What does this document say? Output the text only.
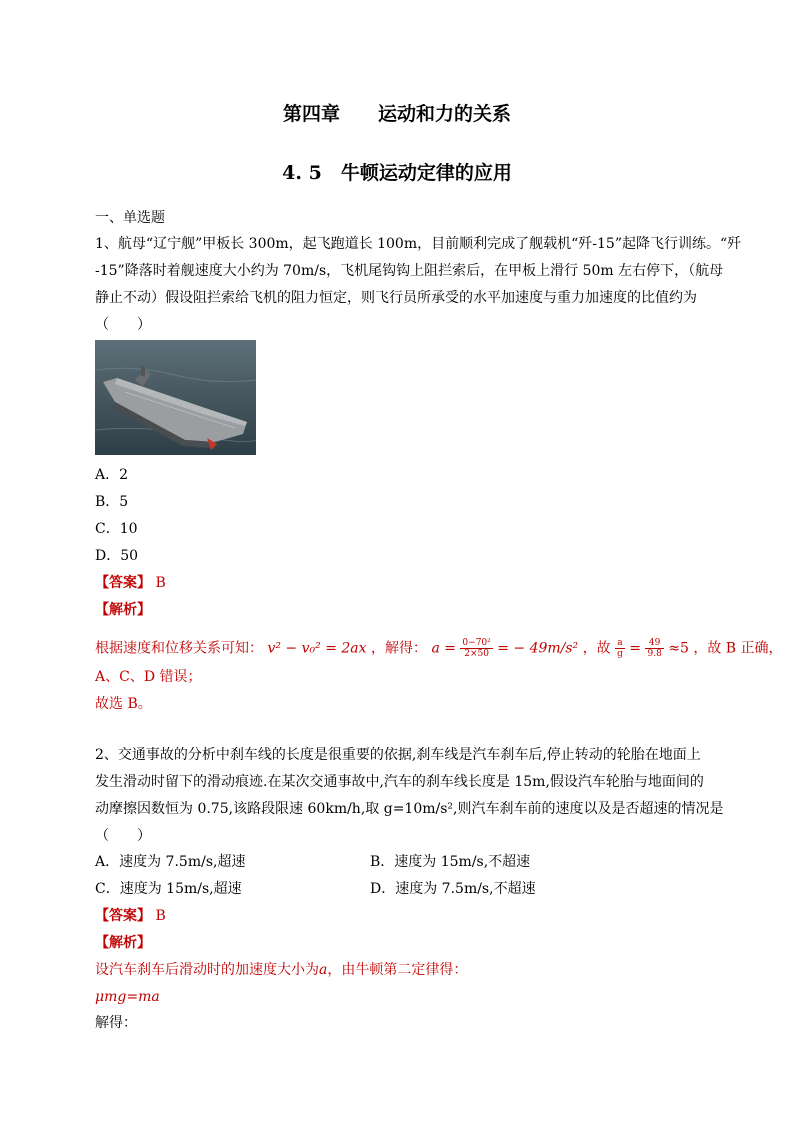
第四章　　运动和力的关系
4. 5　牛顿运动定律的应用
一、单选题
1、航母“辽宁舰”甲板长 300m，起飞跑道长 100m，目前顺利完成了舰载机“歼-15”起降飞行训练。“歼
-15”降落时着舰速度大小约为 70m/s，飞机尾钩钩上阻拦索后，在甲板上滑行 50m 左右停下，（航母
静止不动）假设阻拦索给飞机的阻力恒定，则飞行员所承受的水平加速度与重力加速度的比值约为
（　　）
A．2
B．5
C．10
D．50
【答案】 B
【解析】
根据速度和位移关系可知： v² − v₀² = 2ax ，解得： $a = \frac{\text{0−70²}}{2\times 50}$ = − 49m/s² ，故 $\frac{a}{g} = \frac{49}{9.8} \approx 5$ ，故 B 正确，
A、C、D 错误；
故选 B。
2、交通事故的分析中刹车线的长度是很重要的依据,刹车线是汽车刹车后,停止转动的轮胎在地面上
发生滑动时留下的滑动痕迹.在某次交通事故中,汽车的刹车线长度是 15m,假设汽车轮胎与地面间的
动摩擦因数恒为 0.75,该路段限速 60km/h,取 g=10m/s²,则汽车刹车前的速度以及是否超速的情况是
（　　）
A．速度为 7.5m/s,超速	B．速度为 15m/s,不超速
C．速度为 15m/s,超速	D．速度为 7.5m/s,不超速
【答案】 B
【解析】
设汽车刹车后滑动时的加速度大小为a，由牛顿第二定律得：
μmg=ma
解得：
